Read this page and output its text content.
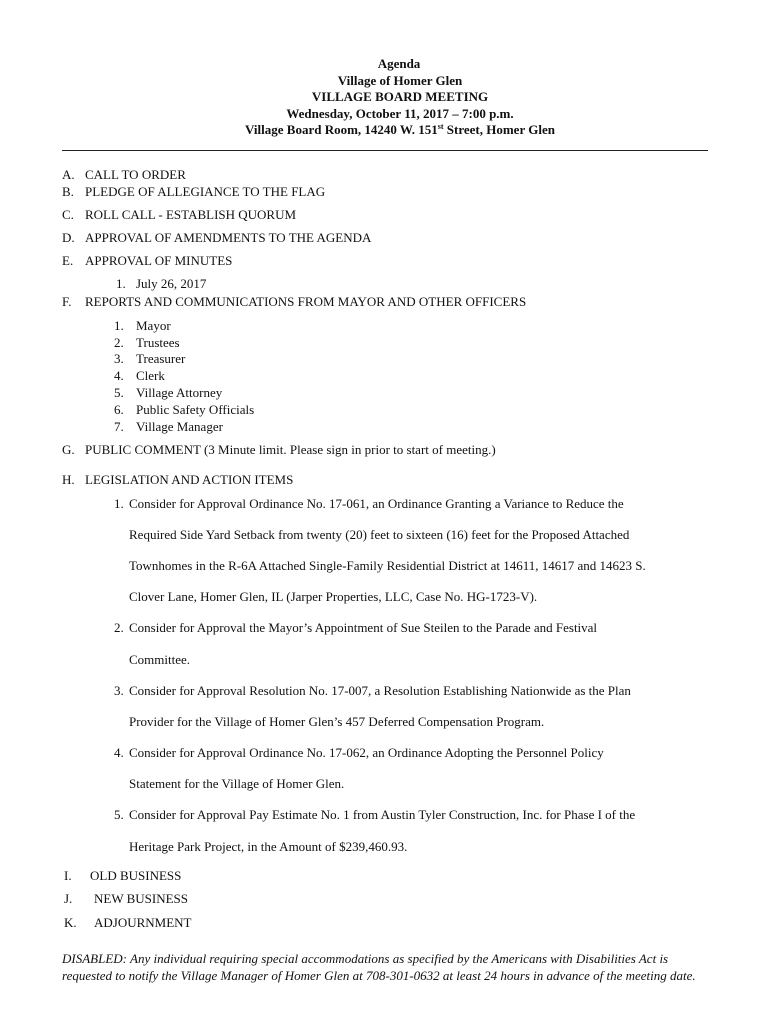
Agenda
Village of Homer Glen
VILLAGE BOARD MEETING
Wednesday, October 11, 2017 – 7:00 p.m.
Village Board Room, 14240 W. 151st Street, Homer Glen
A. CALL TO ORDER
B. PLEDGE OF ALLEGIANCE TO THE FLAG
C. ROLL CALL - ESTABLISH QUORUM
D. APPROVAL OF AMENDMENTS TO THE AGENDA
E. APPROVAL OF MINUTES
1. July 26, 2017
F. REPORTS AND COMMUNICATIONS FROM MAYOR AND OTHER OFFICERS
1. Mayor
2. Trustees
3. Treasurer
4. Clerk
5. Village Attorney
6. Public Safety Officials
7. Village Manager
G. PUBLIC COMMENT (3 Minute limit. Please sign in prior to start of meeting.)
H. LEGISLATION AND ACTION ITEMS
1. Consider for Approval Ordinance No. 17-061, an Ordinance Granting a Variance to Reduce the
Required Side Yard Setback from twenty (20) feet to sixteen (16) feet for the Proposed Attached
Townhomes in the R-6A Attached Single-Family Residential District at 14611, 14617 and 14623 S.
Clover Lane, Homer Glen, IL (Jarper Properties, LLC, Case No. HG-1723-V).
2. Consider for Approval the Mayor’s Appointment of Sue Steilen to the Parade and Festival
Committee.
3. Consider for Approval Resolution No. 17-007, a Resolution Establishing Nationwide as the Plan
Provider for the Village of Homer Glen’s 457 Deferred Compensation Program.
4. Consider for Approval Ordinance No. 17-062, an Ordinance Adopting the Personnel Policy
Statement for the Village of Homer Glen.
5. Consider for Approval Pay Estimate No. 1 from Austin Tyler Construction, Inc. for Phase I of the
Heritage Park Project, in the Amount of $239,460.93.
I. OLD BUSINESS
J. NEW BUSINESS
K. ADJOURNMENT
DISABLED: Any individual requiring special accommodations as specified by the Americans with Disabilities Act is requested to notify the Village Manager of Homer Glen at 708-301-0632 at least 24 hours in advance of the meeting date.
